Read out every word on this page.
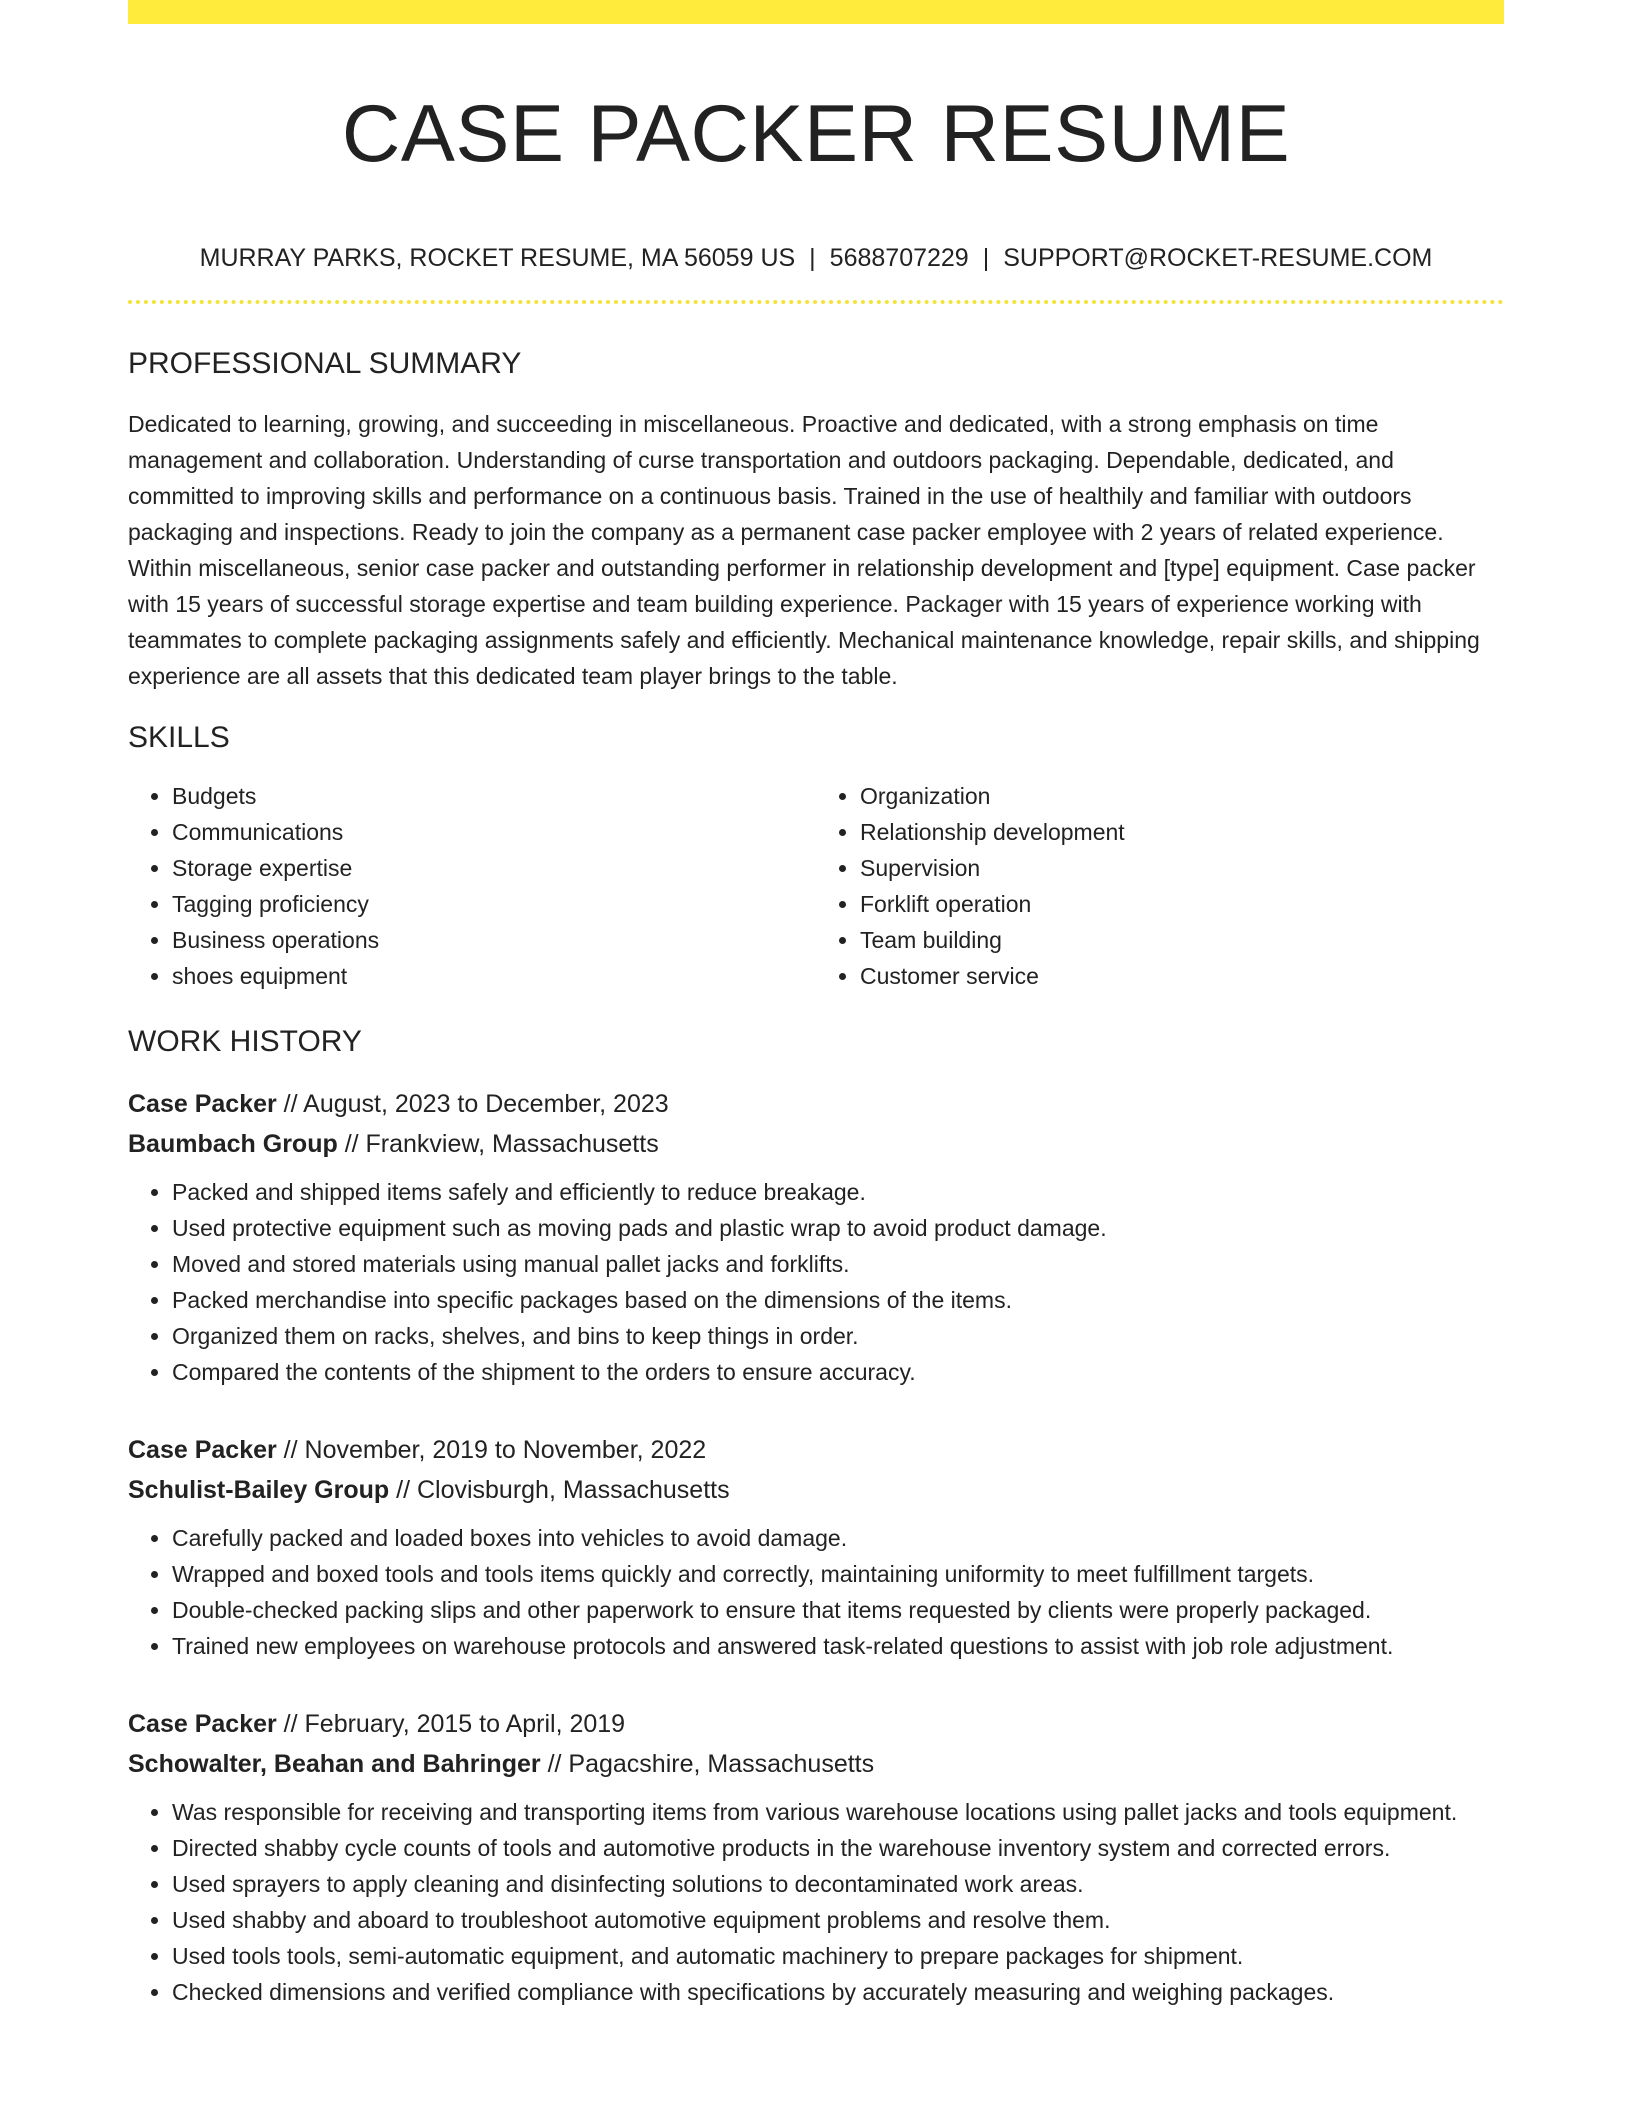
CASE PACKER RESUME
MURRAY PARKS, ROCKET RESUME, MA 56059 US | 5688707229 | SUPPORT@ROCKET-RESUME.COM
PROFESSIONAL SUMMARY

Dedicated to learning, growing, and succeeding in miscellaneous. Proactive and dedicated, with a strong emphasis on time management and collaboration. Understanding of curse transportation and outdoors packaging. Dependable, dedicated, and committed to improving skills and performance on a continuous basis. Trained in the use of healthily and familiar with outdoors packaging and inspections. Ready to join the company as a permanent case packer employee with 2 years of related experience. Within miscellaneous, senior case packer and outstanding performer in relationship development and [type] equipment. Case packer with 15 years of successful storage expertise and team building experience. Packager with 15 years of experience working with teammates to complete packaging assignments safely and efficiently. Mechanical maintenance knowledge, repair skills, and shipping experience are all assets that this dedicated team player brings to the table.

SKILLS
• Budgets
• Communications
• Storage expertise
• Tagging proficiency
• Business operations
• shoes equipment
• Organization
• Relationship development
• Supervision
• Forklift operation
• Team building
• Customer service
WORK HISTORY
Case Packer // August, 2023 to December, 2023
Baumbach Group // Frankview, Massachusetts
• Packed and shipped items safely and efficiently to reduce breakage.
• Used protective equipment such as moving pads and plastic wrap to avoid product damage.
• Moved and stored materials using manual pallet jacks and forklifts.
• Packed merchandise into specific packages based on the dimensions of the items.
• Organized them on racks, shelves, and bins to keep things in order.
• Compared the contents of the shipment to the orders to ensure accuracy.
Case Packer // November, 2019 to November, 2022
Schulist-Bailey Group // Clovisburgh, Massachusetts
• Carefully packed and loaded boxes into vehicles to avoid damage.
• Wrapped and boxed tools and tools items quickly and correctly, maintaining uniformity to meet fulfillment targets.
• Double-checked packing slips and other paperwork to ensure that items requested by clients were properly packaged.
• Trained new employees on warehouse protocols and answered task-related questions to assist with job role adjustment.
Case Packer // February, 2015 to April, 2019
Schowalter, Beahan and Bahringer // Pagacshire, Massachusetts
• Was responsible for receiving and transporting items from various warehouse locations using pallet jacks and tools equipment.
• Directed shabby cycle counts of tools and automotive products in the warehouse inventory system and corrected errors.
• Used sprayers to apply cleaning and disinfecting solutions to decontaminated work areas.
• Used shabby and aboard to troubleshoot automotive equipment problems and resolve them.
• Used tools tools, semi-automatic equipment, and automatic machinery to prepare packages for shipment.
• Checked dimensions and verified compliance with specifications by accurately measuring and weighing packages.
